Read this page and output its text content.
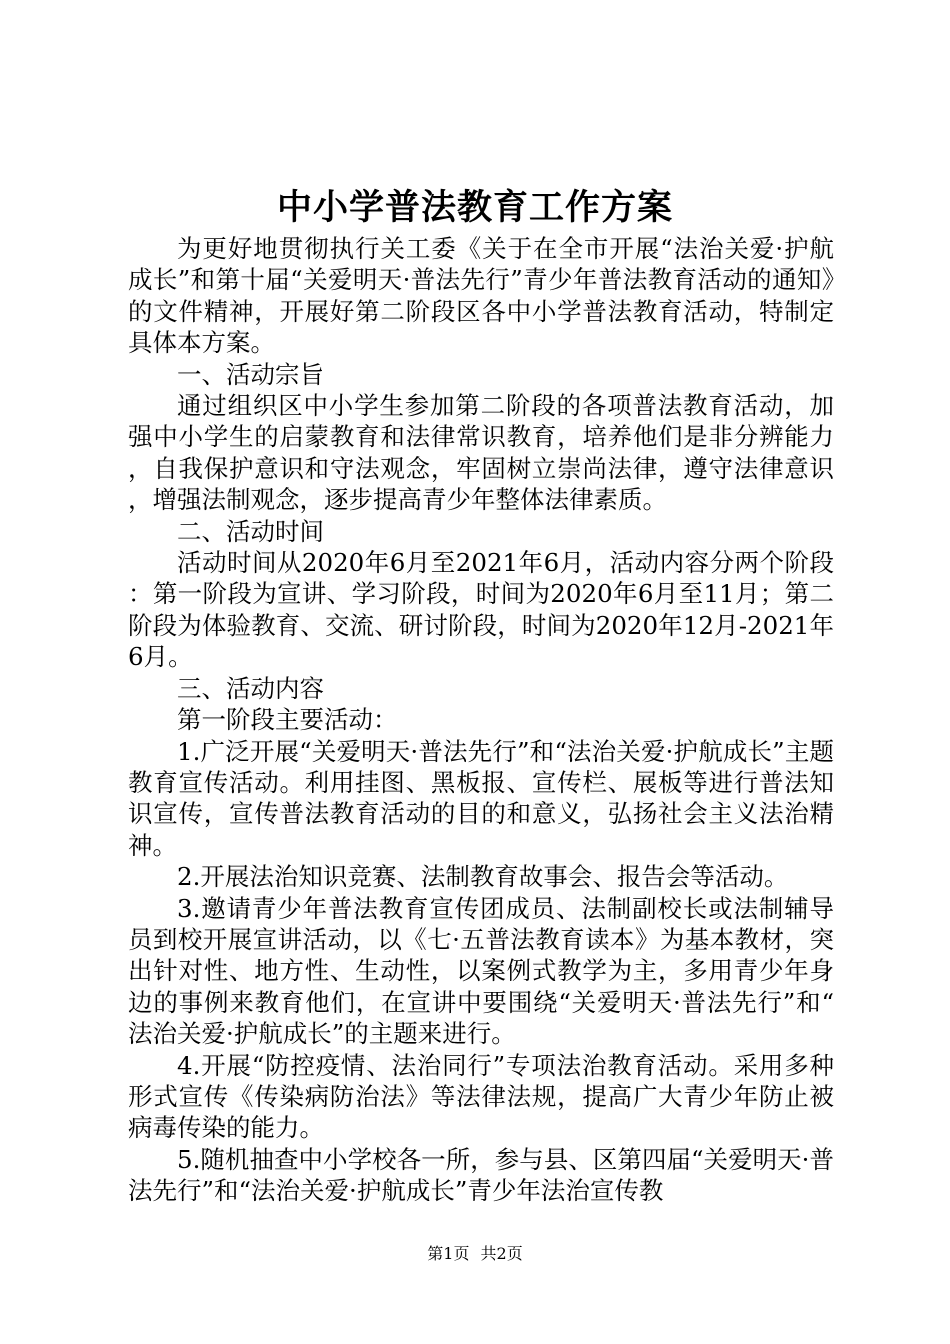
中小学普法教育工作方案

为更好地贯彻执行关工委《关于在全市开展“法治关爱·护航成长”和第十届“关爱明天·普法先行”青少年普法教育活动的通知》的文件精神，开展好第二阶段区各中小学普法教育活动，特制定具体本方案。

一、活动宗旨

通过组织区中小学生参加第二阶段的各项普法教育活动，加强中小学生的启蒙教育和法律常识教育，培养他们是非分辨能力，自我保护意识和守法观念，牢固树立崇尚法律，遵守法律意识，增强法制观念，逐步提高青少年整体法律素质。

二、活动时间

活动时间从2020年6月至2021年6月，活动内容分两个阶段：第一阶段为宣讲、学习阶段，时间为2020年6月至11月；第二阶段为体验教育、交流、研讨阶段，时间为2020年12月-2021年6月。

三、活动内容

第一阶段主要活动：

1.广泛开展“关爱明天·普法先行”和“法治关爱·护航成长”主题教育宣传活动。利用挂图、黑板报、宣传栏、展板等进行普法知识宣传，宣传普法教育活动的目的和意义，弘扬社会主义法治精神。

2.开展法治知识竞赛、法制教育故事会、报告会等活动。

3.邀请青少年普法教育宣传团成员、法制副校长或法制辅导员到校开展宣讲活动，以《七·五普法教育读本》为基本教材，突出针对性、地方性、生动性，以案例式教学为主，多用青少年身边的事例来教育他们，在宣讲中要围绕“关爱明天·普法先行”和“法治关爱·护航成长”的主题来进行。

4.开展“防控疫情、法治同行”专项法治教育活动。采用多种形式宣传《传染病防治法》等法律法规，提高广大青少年防止被病毒传染的能力。

5.随机抽查中小学校各一所，参与县、区第四届“关爱明天·普法先行”和“法治关爱·护航成长”青少年法治宣传教

第1页 共2页
